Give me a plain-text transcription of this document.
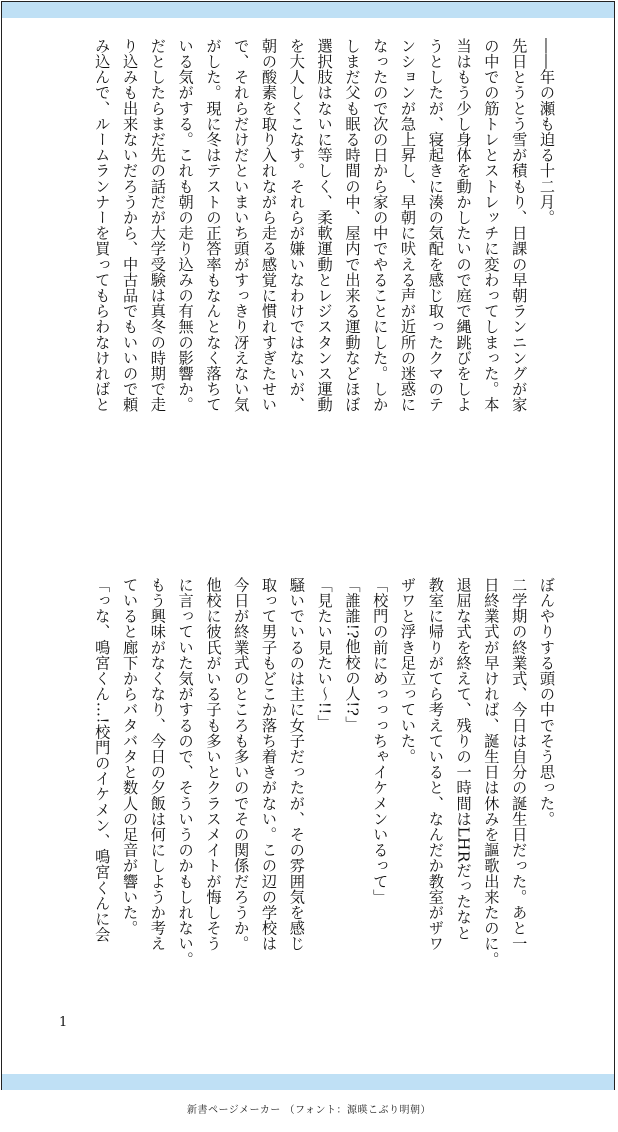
――年の瀬も迫る十二月。
先日とうとう雪が積もり、日課の早朝ランニングが家
の中での筋トレとストレッチに変わってしまった。本
当はもう少し身体を動かしたいので庭で縄跳びをしよ
うとしたが、寝起きに湊の気配を感じ取ったクマのテ
ンションが急上昇し、早朝に吠える声が近所の迷惑に
なったので次の日から家の中でやることにした。しか
しまだ父も眠る時間の中、屋内で出来る運動などほぼ
選択肢はないに等しく、柔軟運動とレジスタンス運動
を大人しくこなす。それらが嫌いなわけではないが、
朝の酸素を取り入れながら走る感覚に慣れすぎたせい
で、それらだけだといまいち頭がすっきり冴えない気
がした。現に冬はテストの正答率もなんとなく落ちて
いる気がする。これも朝の走り込みの有無の影響か。
だとしたらまだ先の話だが大学受験は真冬の時期で走
り込みも出来ないだろうから、中古品でもいいので頼
み込んで、ルームランナーを買ってもらわなければと
ぼんやりする頭の中でそう思った。
二学期の終業式、今日は自分の誕生日だった。あと一
日終業式が早ければ、誕生日は休みを謳歌出来たのに。
退屈な式を終えて、残りの一時間はLHRだったなと
教室に帰りがてら考えていると、なんだか教室がザワ
ザワと浮き足立っていた。
「校門の前にめっっっちゃイケメンいるって」
「誰誰!?他校の人!?」
「見たい見たい〜!!」
騒いでいるのは主に女子だったが、その雰囲気を感じ
取って男子もどこか落ち着きがない。この辺の学校は
今日が終業式のところも多いのでその関係だろうか。
他校に彼氏がいる子も多いとクラスメイトが悔しそう
に言っていた気がするので、そういうのかもしれない。
もう興味がなくなり、今日の夕飯は何にしようか考え
ていると廊下からバタバタと数人の足音が響いた。
「っな、鳴宮くん…!校門のイケメン、鳴宮くんに会
1
新書ページメーカー （フォント：源暎こぶり明朝）
